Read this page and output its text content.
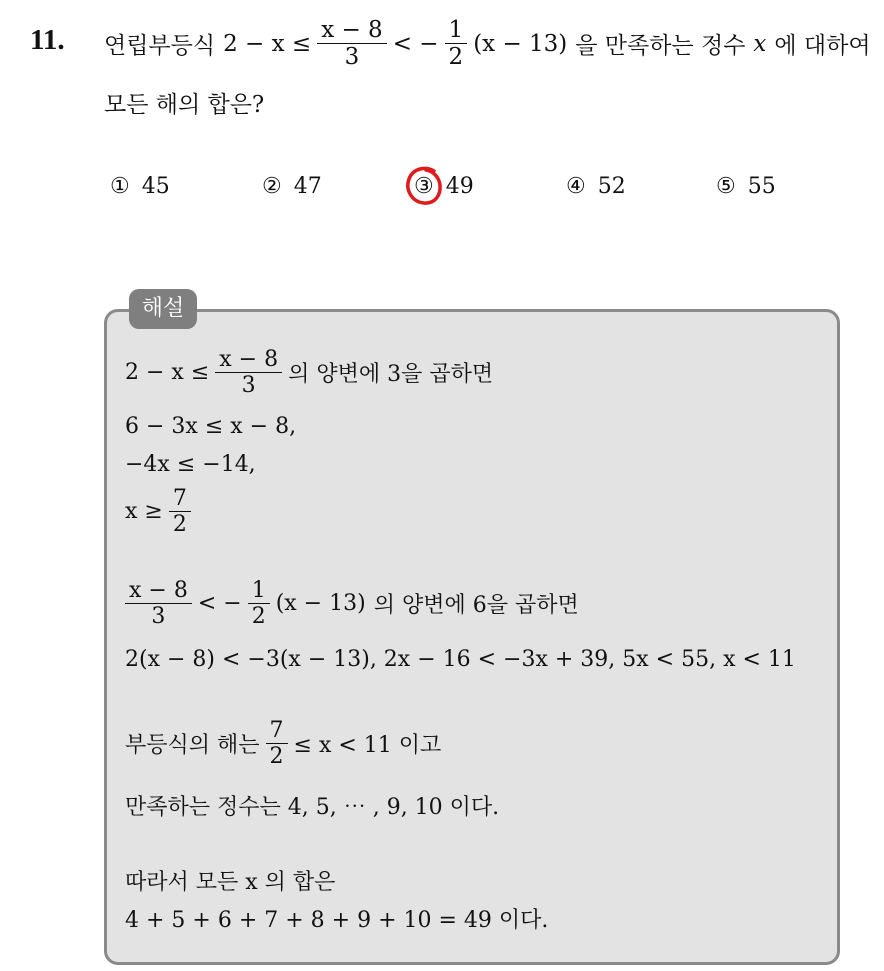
11. 연립부등식 $2 - x \le \frac{x - 8}{3}$ < − $\frac{1}{2} (x - 13)$ 을 만족하는 정수 x 에 대하여
모든 해의 합은?
① 45	② 47	③ 49	④ 52	⑤ 55
해설
$2 - x \le \frac{x - 8}{3}$ 의 양변에 3을 곱하면
6 − 3x ≤ x − 8,
−4x ≤ −14,
$x \ge \frac{7}{2}$
$\frac{x - 8}{3}$ < − $\frac{1}{2} (x - 13)$ 의 양변에 6을 곱하면
2(x − 8) < −3(x − 13), 2x − 16 < −3x + 39, 5x < 55, x < 11
부등식의 해는 $\frac{7}{2} \le x < 11$ 이고
만족하는 정수는 4, 5, ⋯ , 9, 10 이다.
따라서 모든 x 의 합은
4 + 5 + 6 + 7 + 8 + 9 + 10 = 49 이다.
